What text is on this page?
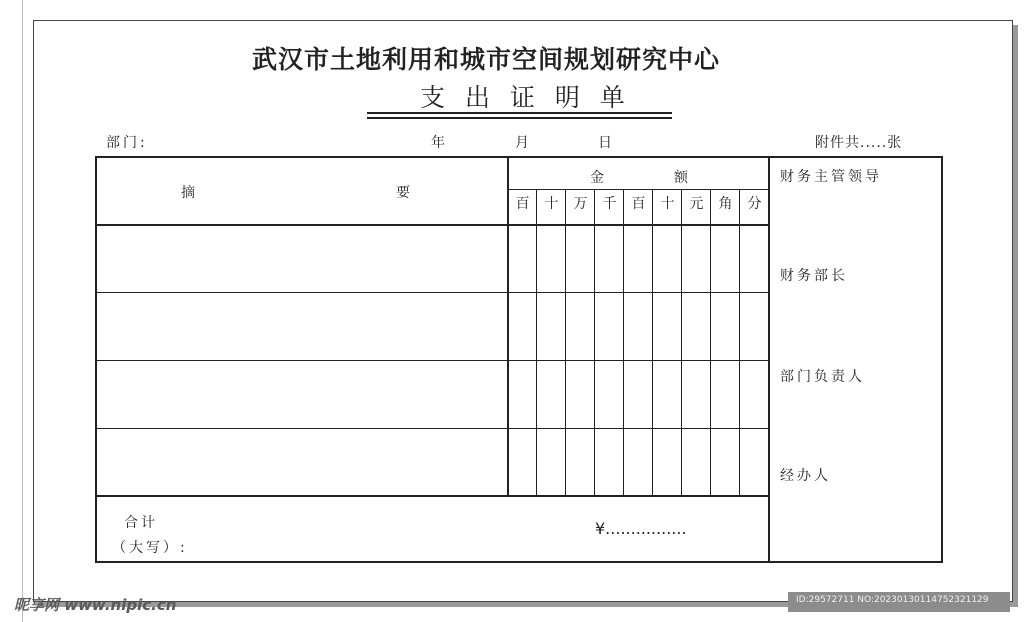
武汉市土地利用和城市空间规划研究中心
支 出 证 明 单
部门:	年	月	日	附件共.....张
摘	要
金	额
百	十	万	千	百	十	元	角	分
合计
（大写）:
¥................
财务主管领导
财务部长
部门负责人
经办人
昵享网 www.nipic.cn	ID:29572711 NO:20230130114752321129
